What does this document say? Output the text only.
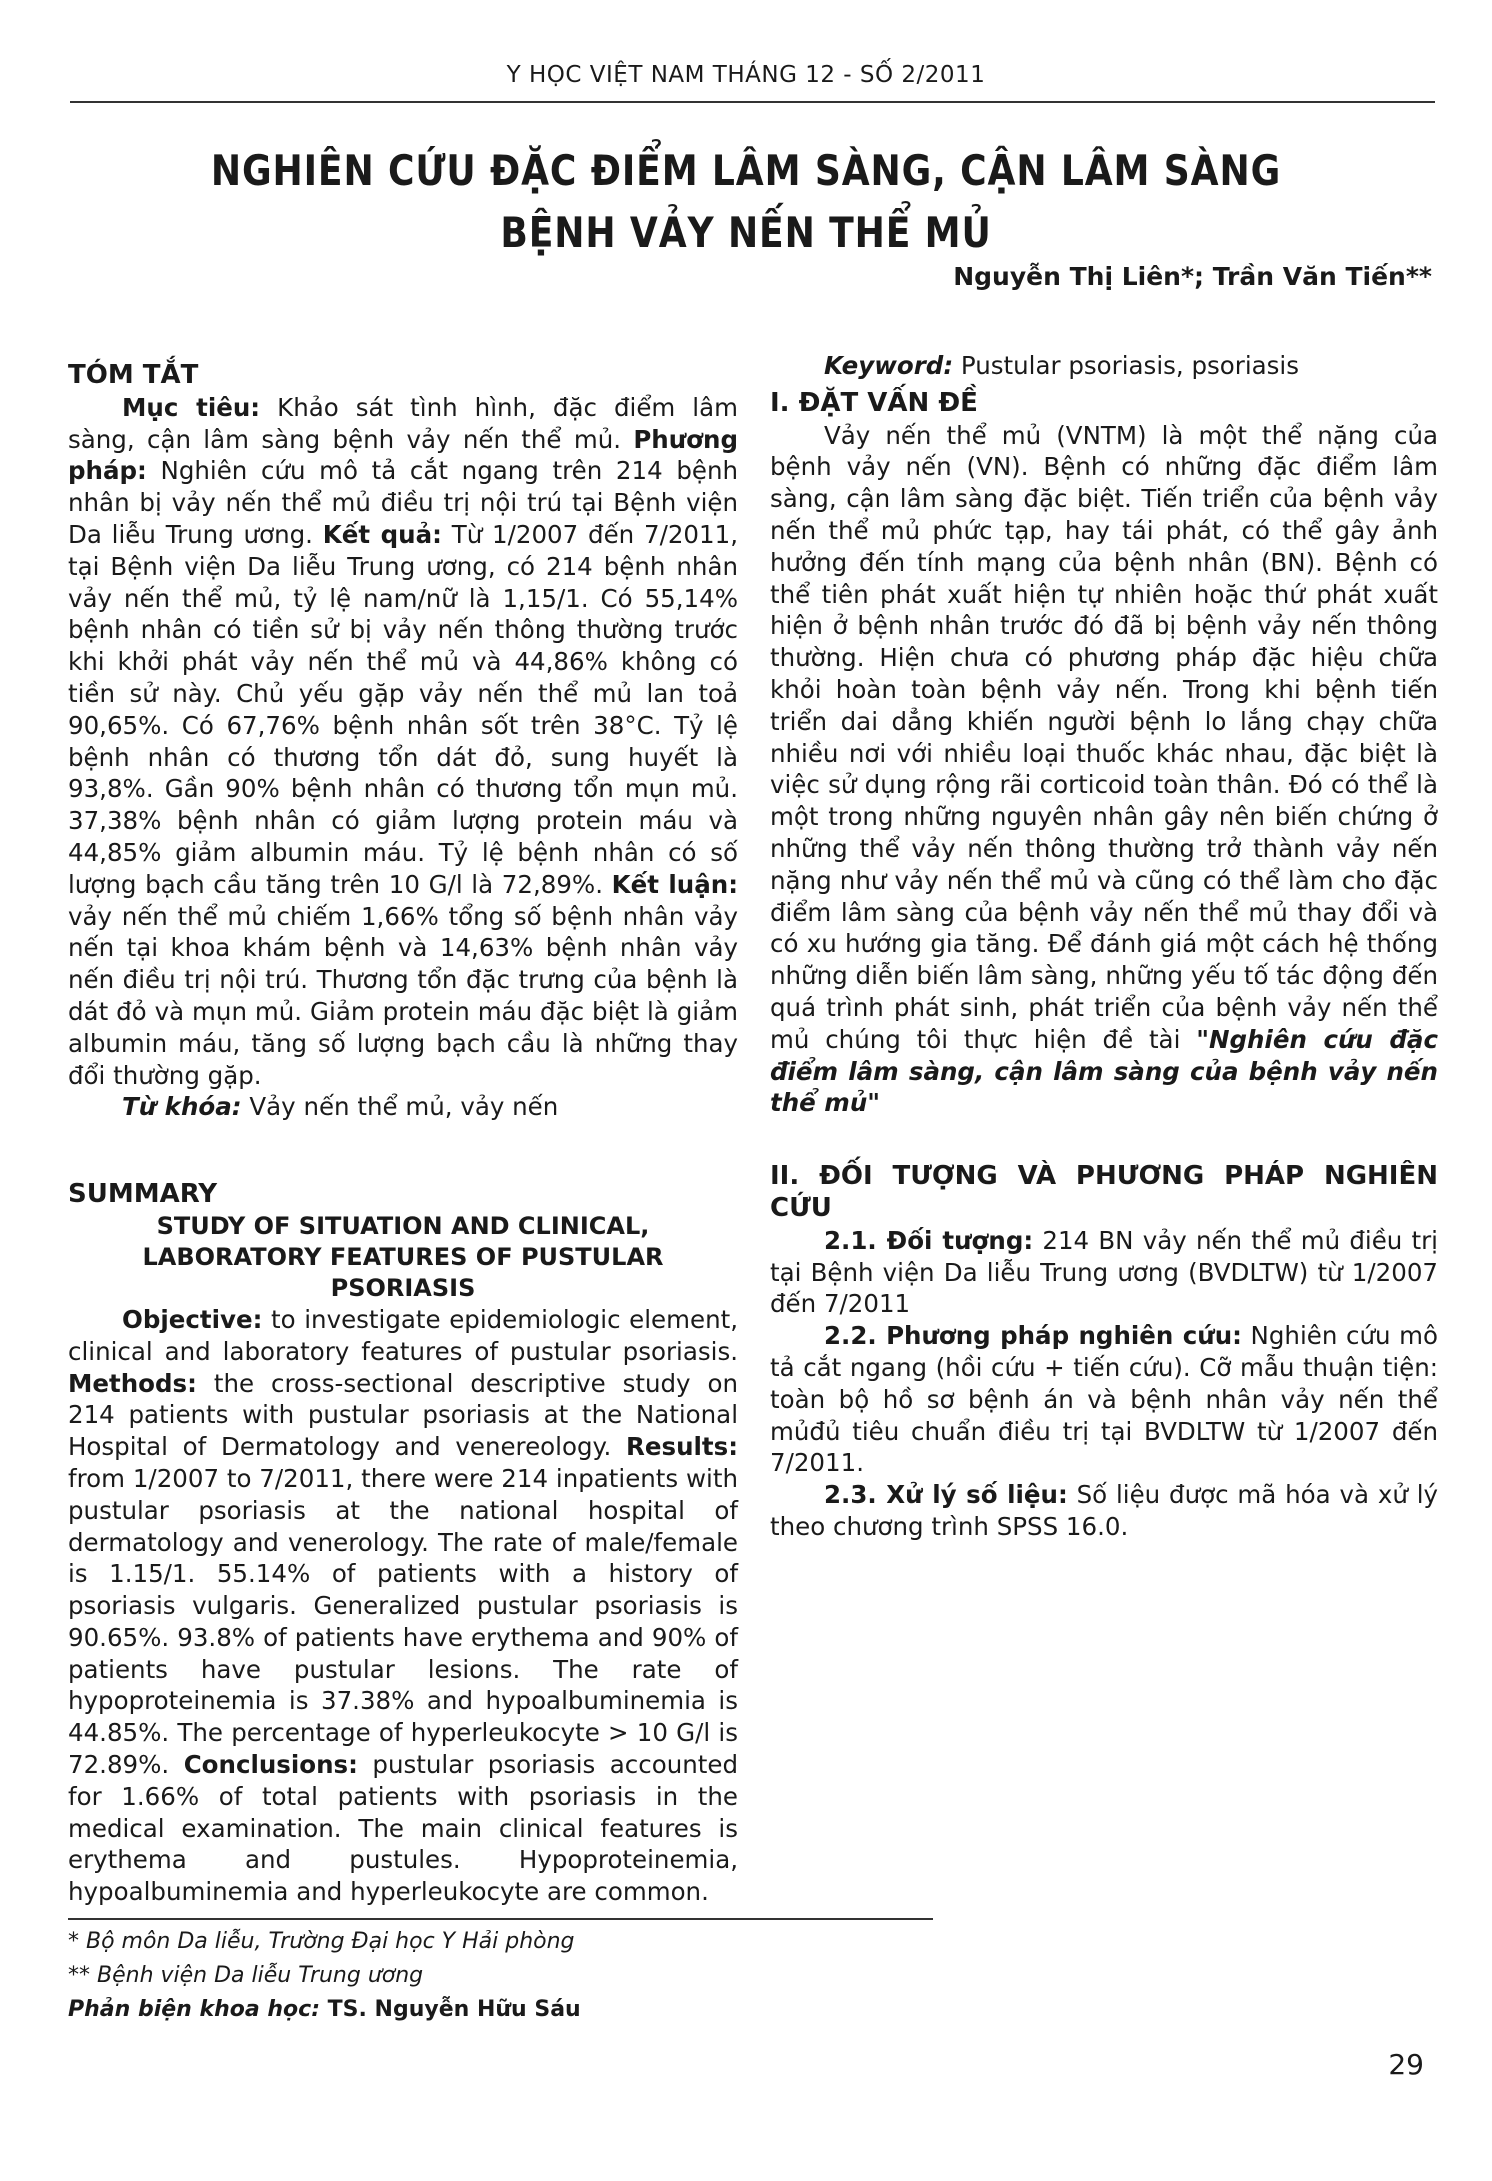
Y HỌC VIỆT NAM THÁNG 12 - SỐ 2/2011
NGHIÊN CỨU ĐẶC ĐIỂM LÂM SÀNG, CẬN LÂM SÀNG
BỆNH VẢY NẾN THỂ MỦ
Nguyễn Thị Liên*; Trần Văn Tiến**

TÓM TẮT

Mục tiêu: Khảo sát tình hình, đặc điểm lâm sàng, cận lâm sàng bệnh vảy nến thể mủ. Phương pháp: Nghiên cứu mô tả cắt ngang trên 214 bệnh nhân bị vảy nến thể mủ điều trị nội trú tại Bệnh viện Da liễu Trung ương. Kết quả: Từ 1/2007 đến 7/2011, tại Bệnh viện Da liễu Trung ương, có 214 bệnh nhân vảy nến thể mủ, tỷ lệ nam/nữ là 1,15/1. Có 55,14% bệnh nhân có tiền sử bị vảy nến thông thường trước khi khởi phát vảy nến thể mủ và 44,86% không có tiền sử này. Chủ yếu gặp vảy nến thể mủ lan toả 90,65%. Có 67,76% bệnh nhân sốt trên 38°C. Tỷ lệ bệnh nhân có thương tổn dát đỏ, sung huyết là 93,8%. Gần 90% bệnh nhân có thương tổn mụn mủ. 37,38% bệnh nhân có giảm lượng protein máu và 44,85% giảm albumin máu. Tỷ lệ bệnh nhân có số lượng bạch cầu tăng trên 10 G/l là 72,89%. Kết luận: vảy nến thể mủ chiếm 1,66% tổng số bệnh nhân vảy nến tại khoa khám bệnh và 14,63% bệnh nhân vảy nến điều trị nội trú. Thương tổn đặc trưng của bệnh là dát đỏ và mụn mủ. Giảm protein máu đặc biệt là giảm albumin máu, tăng số lượng bạch cầu là những thay đổi thường gặp.

Từ khóa: Vảy nến thể mủ, vảy nến

SUMMARY

STUDY OF SITUATION AND CLINICAL, LABORATORY FEATURES OF PUSTULAR PSORIASIS

Objective: to investigate epidemiologic element, clinical and laboratory features of pustular psoriasis. Methods: the cross-sectional descriptive study on 214 patients with pustular psoriasis at the National Hospital of Dermatology and venereology. Results: from 1/2007 to 7/2011, there were 214 inpatients with pustular psoriasis at the national hospital of dermatology and venerology. The rate of male/female is 1.15/1. 55.14% of patients with a history of psoriasis vulgaris. Generalized pustular psoriasis is 90.65%. 93.8% of patients have erythema and 90% of patients have pustular lesions. The rate of hypoproteinemia is 37.38% and hypoalbuminemia is 44.85%. The percentage of hyperleukocyte > 10 G/l is 72.89%. Conclusions: pustular psoriasis accounted for 1.66% of total patients with psoriasis in the medical examination. The main clinical features is erythema and pustules. Hypoproteinemia, hypoalbuminemia and hyperleukocyte are common.

Keyword: Pustular psoriasis, psoriasis

I. ĐẶT VẤN ĐỀ

Vảy nến thể mủ (VNTM) là một thể nặng của bệnh vảy nến (VN). Bệnh có những đặc điểm lâm sàng, cận lâm sàng đặc biệt. Tiến triển của bệnh vảy nến thể mủ phức tạp, hay tái phát, có thể gây ảnh hưởng đến tính mạng của bệnh nhân (BN). Bệnh có thể tiên phát xuất hiện tự nhiên hoặc thứ phát xuất hiện ở bệnh nhân trước đó đã bị bệnh vảy nến thông thường. Hiện chưa có phương pháp đặc hiệu chữa khỏi hoàn toàn bệnh vảy nến. Trong khi bệnh tiến triển dai dẳng khiến người bệnh lo lắng chạy chữa nhiều nơi với nhiều loại thuốc khác nhau, đặc biệt là việc sử dụng rộng rãi corticoid toàn thân. Đó có thể là một trong những nguyên nhân gây nên biến chứng ở những thể vảy nến thông thường trở thành vảy nến nặng như vảy nến thể mủ và cũng có thể làm cho đặc điểm lâm sàng của bệnh vảy nến thể mủ thay đổi và có xu hướng gia tăng. Để đánh giá một cách hệ thống những diễn biến lâm sàng, những yếu tố tác động đến quá trình phát sinh, phát triển của bệnh vảy nến thể mủ chúng tôi thực hiện đề tài "Nghiên cứu đặc điểm lâm sàng, cận lâm sàng của bệnh vảy nến thể mủ"

II. ĐỐI TƯỢNG VÀ PHƯƠNG PHÁP NGHIÊN CỨU

2.1. Đối tượng: 214 BN vảy nến thể mủ điều trị tại Bệnh viện Da liễu Trung ương (BVDLTW) từ 1/2007 đến 7/2011

2.2. Phương pháp nghiên cứu: Nghiên cứu mô tả cắt ngang (hồi cứu + tiến cứu). Cỡ mẫu thuận tiện: toàn bộ hồ sơ bệnh án và bệnh nhân vảy nến thể mủđủ tiêu chuẩn điều trị tại BVDLTW từ 1/2007 đến 7/2011.

2.3. Xử lý số liệu: Số liệu được mã hóa và xử lý theo chương trình SPSS 16.0.

* Bộ môn Da liễu, Trường Đại học Y Hải phòng
** Bệnh viện Da liễu Trung ương
Phản biện khoa học: TS. Nguyễn Hữu Sáu
29
